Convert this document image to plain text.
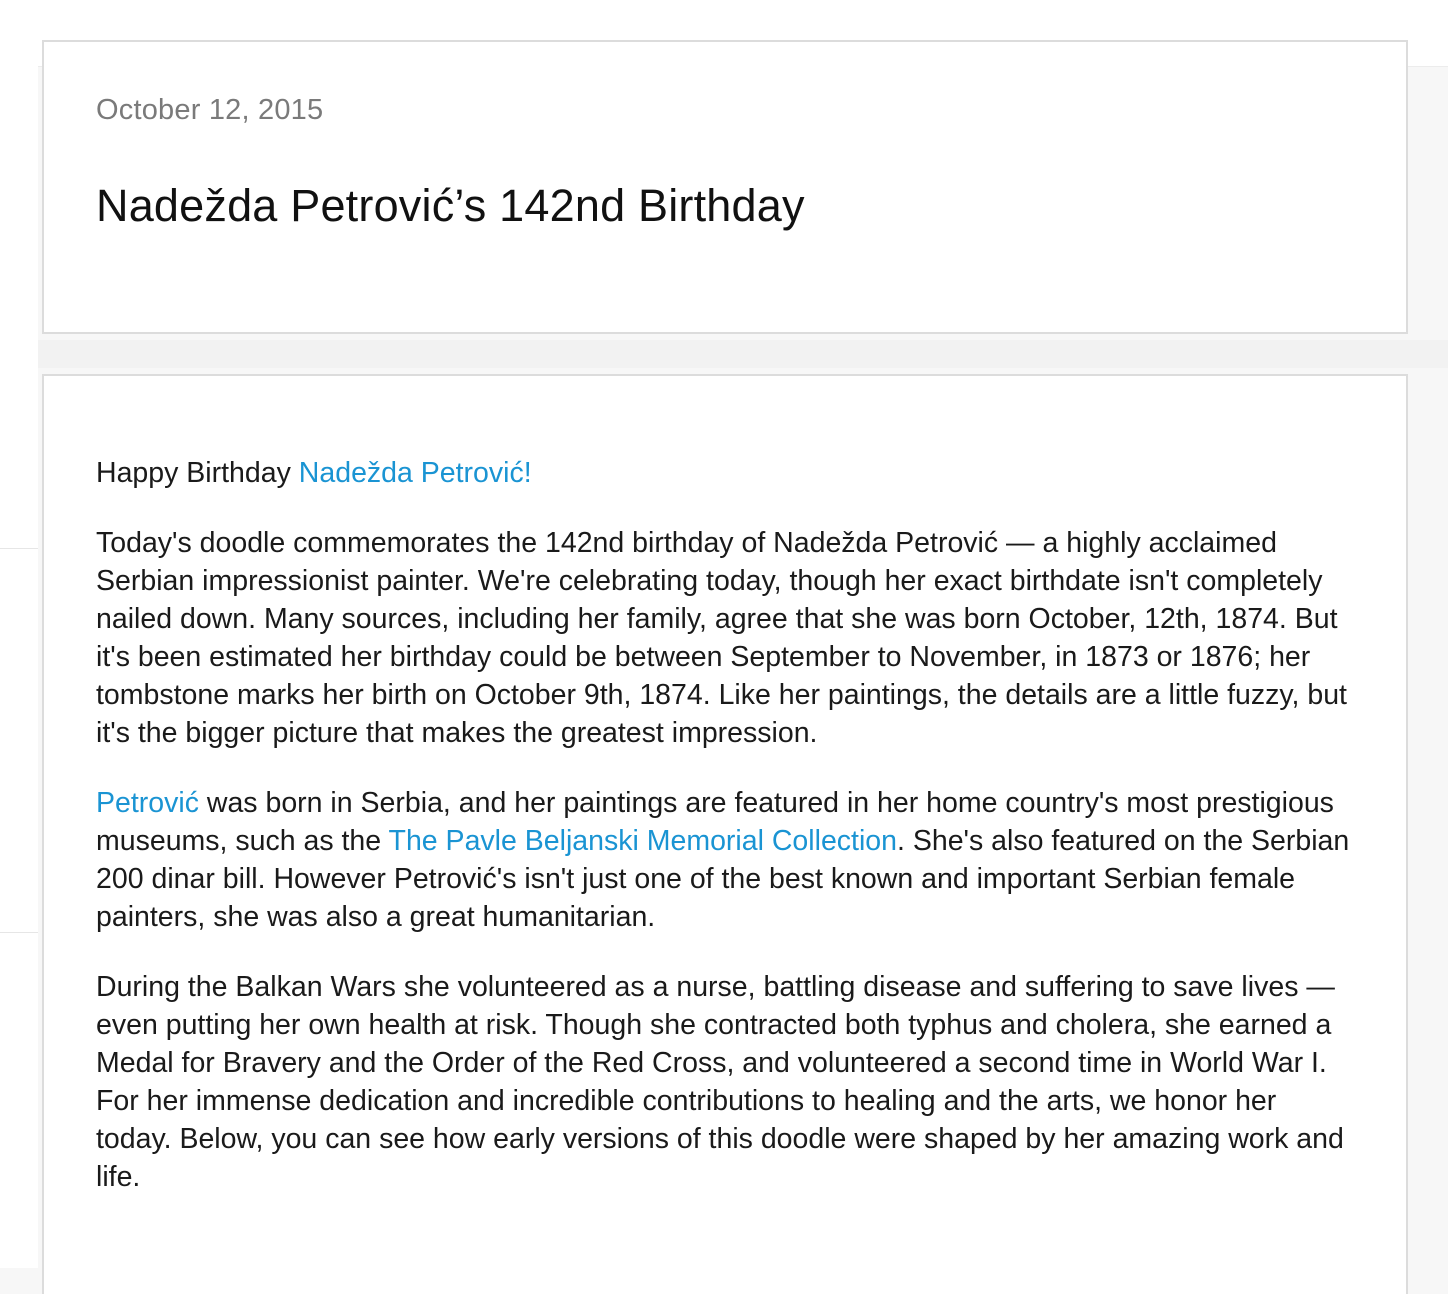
October 12, 2015
Nadežda Petrović’s 142nd Birthday

Happy Birthday Nadežda Petrović!

Today's doodle commemorates the 142nd birthday of Nadežda Petrović — a highly acclaimed Serbian impressionist painter. We're celebrating today, though her exact birthdate isn't completely nailed down. Many sources, including her family, agree that she was born October, 12th, 1874. But it's been estimated her birthday could be between September to November, in 1873 or 1876; her tombstone marks her birth on October 9th, 1874. Like her paintings, the details are a little fuzzy, but it's the bigger picture that makes the greatest impression.

Petrović was born in Serbia, and her paintings are featured in her home country's most prestigious museums, such as the The Pavle Beljanski Memorial Collection. She's also featured on the Serbian 200 dinar bill. However Petrović's isn't just one of the best known and important Serbian female painters, she was also a great humanitarian.

During the Balkan Wars she volunteered as a nurse, battling disease and suffering to save lives — even putting her own health at risk. Though she contracted both typhus and cholera, she earned a Medal for Bravery and the Order of the Red Cross, and volunteered a second time in World War I. For her immense dedication and incredible contributions to healing and the arts, we honor her today. Below, you can see how early versions of this doodle were shaped by her amazing work and life.
